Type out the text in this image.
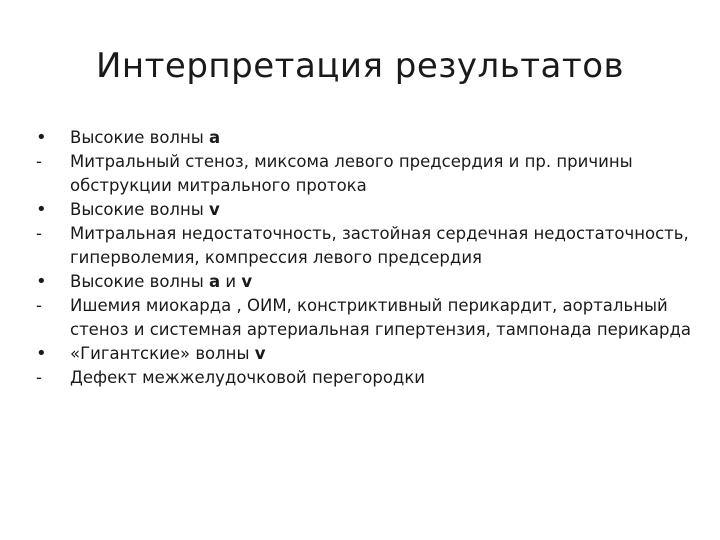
Интерпретация результатов
•	Высокие волны a
-	Митральный стеноз, миксома левого предсердия и пр. причины обструкции митрального протока
•	Высокие волны v
-	Митральная недостаточность, застойная сердечная недостаточность, гиперволемия, компрессия левого предсердия
•	Высокие волны a и v
-	Ишемия миокарда , ОИМ, констриктивный перикардит, аортальный стеноз и системная артериальная гипертензия, тампонада перикарда
•	«Гигантские» волны v
-	Дефект межжелудочковой перегородки
